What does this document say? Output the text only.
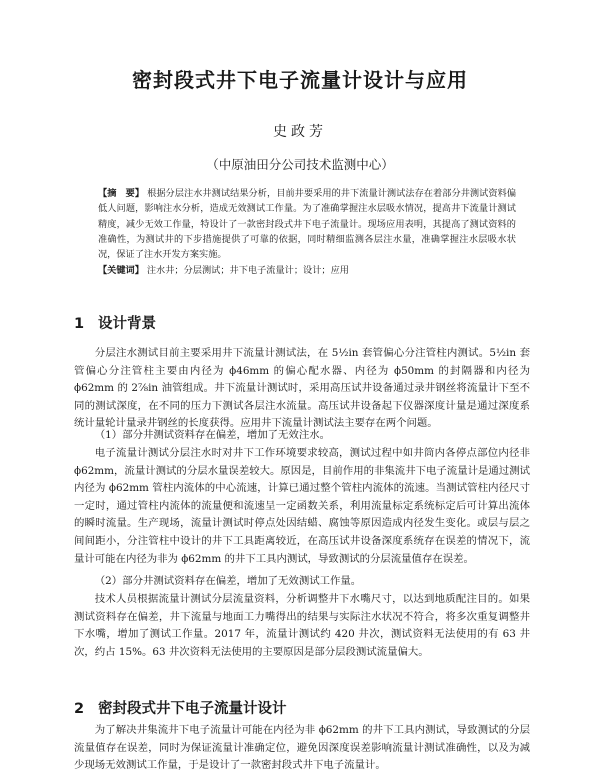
密封段式井下电子流量计设计与应用
史政芳
（中原油田分公司技术监测中心）
【摘　要】 根据分层注水井测试结果分析，目前井要采用的井下流量计测试法存在着部分井测试资料偏低人问题，影响注水分析，造成无效测试工作量。为了准确掌握注水层吸水情况，提高井下流量计测试精度，减少无效工作量，特设计了一款密封段式井下电子流量计。现场应用表明，其提高了测试资料的准确性，为测试井的下步措施提供了可靠的依据，同时精细监测各层注水量，准确掌握注水层吸水状况，保证了注水开发方案实施。
【关键词】 注水井；分层测试；井下电子流量计；设计；应用
1 设计背景
分层注水测试目前主要采用井下流量计测试法，在 5½in 套管偏心分注管柱内测试。5½in 套管偏心分注管柱主要由内径为 ϕ46mm 的偏心配水器、内径为 ϕ50mm 的封隔器和内径为 ϕ62mm 的 2⅞in 油管组成。井下流量计测试时，采用高压试井设备通过录井钢丝将流量计下至不同的测试深度，在不同的压力下测试各层注水流量。高压试井设备起下仪器深度计量是通过深度系统计量轮计量录井钢丝的长度获得。应用井下流量计测试法主要存在两个问题。
（1）部分井测试资料存在偏差，增加了无效注水。
电子流量计测试分层注水时对井下工作环境要求较高，测试过程中如井筒内各停点部位内径非 ϕ62mm，流量计测试的分层水量误差较大。原因是，目前作用的非集流井下电子流量计是通过测试内径为 ϕ62mm 管柱内流体的中心流速，计算已通过整个管柱内流体的流速。当测试管柱内径尺寸一定时，通过管柱内流体的流量便和流速呈一定函数关系，利用流量标定系统标定后可计算出流体的瞬时流量。生产现场，流量计测试时停点处因结蜡、腐蚀等原因造成内径发生变化。或层与层之间间距小，分注管柱中设计的井下工具距离较近，在高压试井设备深度系统存在误差的情况下，流量计可能在内径为非为 ϕ62mm 的井下工具内测试，导致测试的分层流量值存在误差。
（2）部分井测试资料存在偏差，增加了无效测试工作量。
技术人员根据流量计测试分层流量资料，分析调整井下水嘴尺寸，以达到地质配注目的。如果测试资料存在偏差，井下流量与地面工力嘴得出的结果与实际注水状况不符合，将多次重复调整井下水嘴，增加了测试工作量。2017 年，流量计测试约 420 井次，测试资料无法使用的有 63 井次，约占 15%。63 井次资料无法使用的主要原因是部分层段测试流量偏大。
2 密封段式井下电子流量计设计
为了解决井集流井下电子流量计可能在内径为非 ϕ62mm 的井下工具内测试，导致测试的分层流量值存在误差，同时为保证流量计准确定位，避免因深度误差影响流量计测试准确性，以及为减少现场无效测试工作量，于是设计了一款密封段式井下电子流量计。
